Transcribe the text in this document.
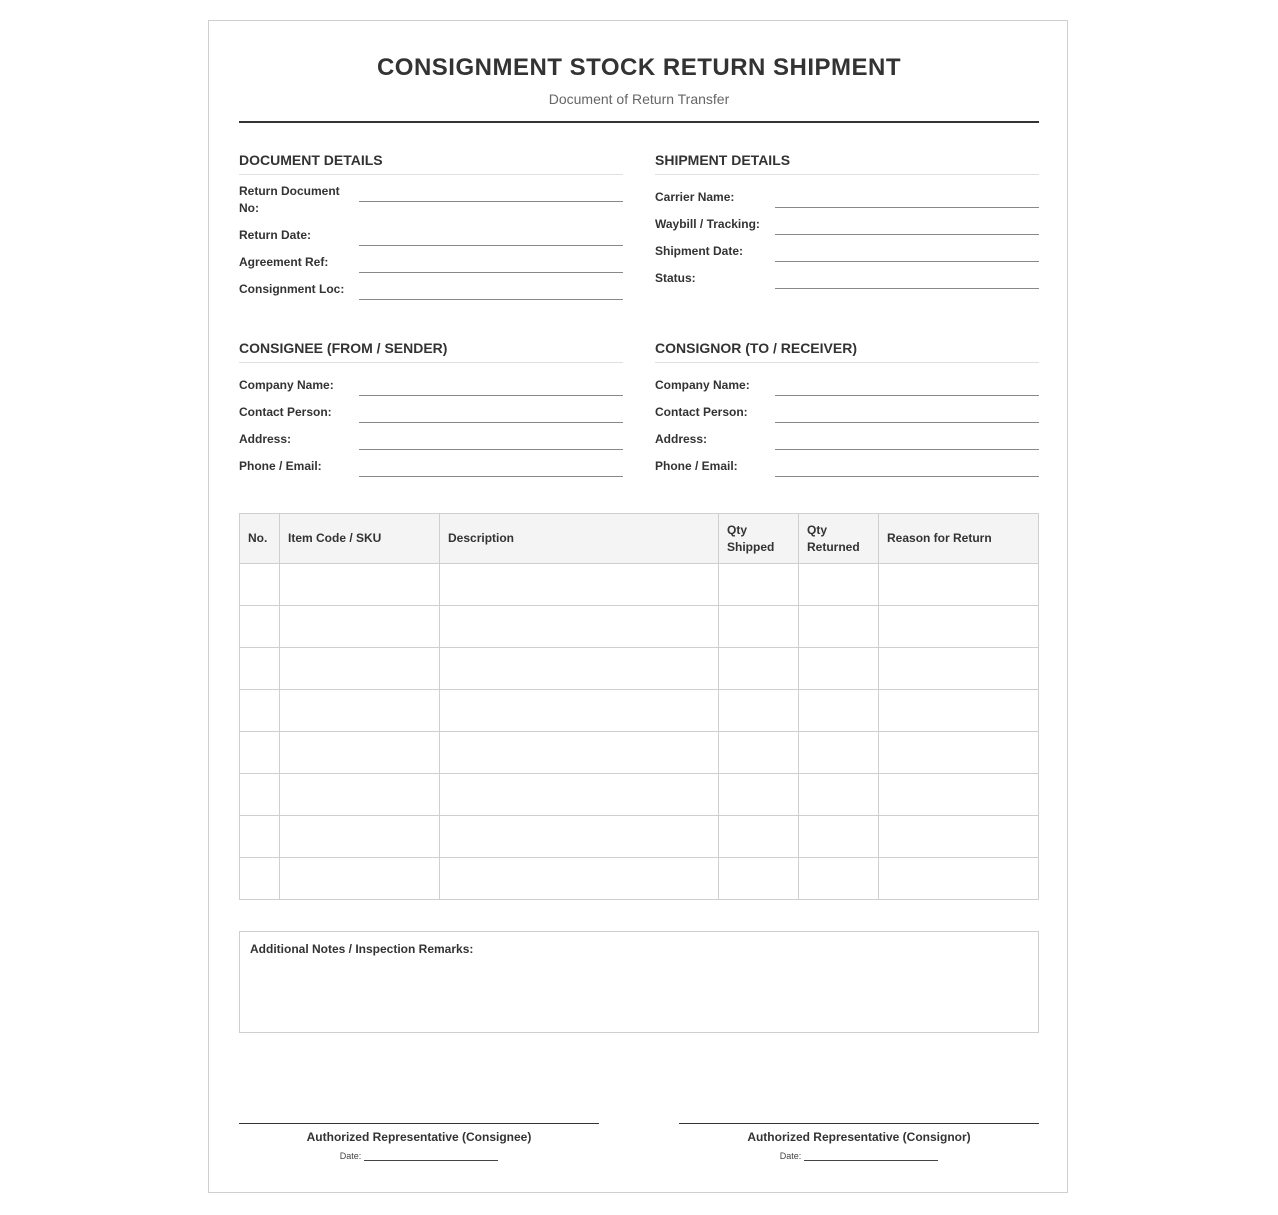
CONSIGNMENT STOCK RETURN SHIPMENT
Document of Return Transfer
DOCUMENT DETAILS
Return Document No:
Return Date:
Agreement Ref:
Consignment Loc:
SHIPMENT DETAILS
Carrier Name:
Waybill / Tracking:
Shipment Date:
Status:
CONSIGNEE (FROM / SENDER)
Company Name:
Contact Person:
Address:
Phone / Email:
CONSIGNOR (TO / RECEIVER)
Company Name:
Contact Person:
Address:
Phone / Email:
No.	Item Code / SKU	Description	Qty Shipped	Qty Returned	Reason for Return

Additional Notes / Inspection Remarks:
Authorized Representative (Consignee)
Date:
Authorized Representative (Consignor)
Date:
